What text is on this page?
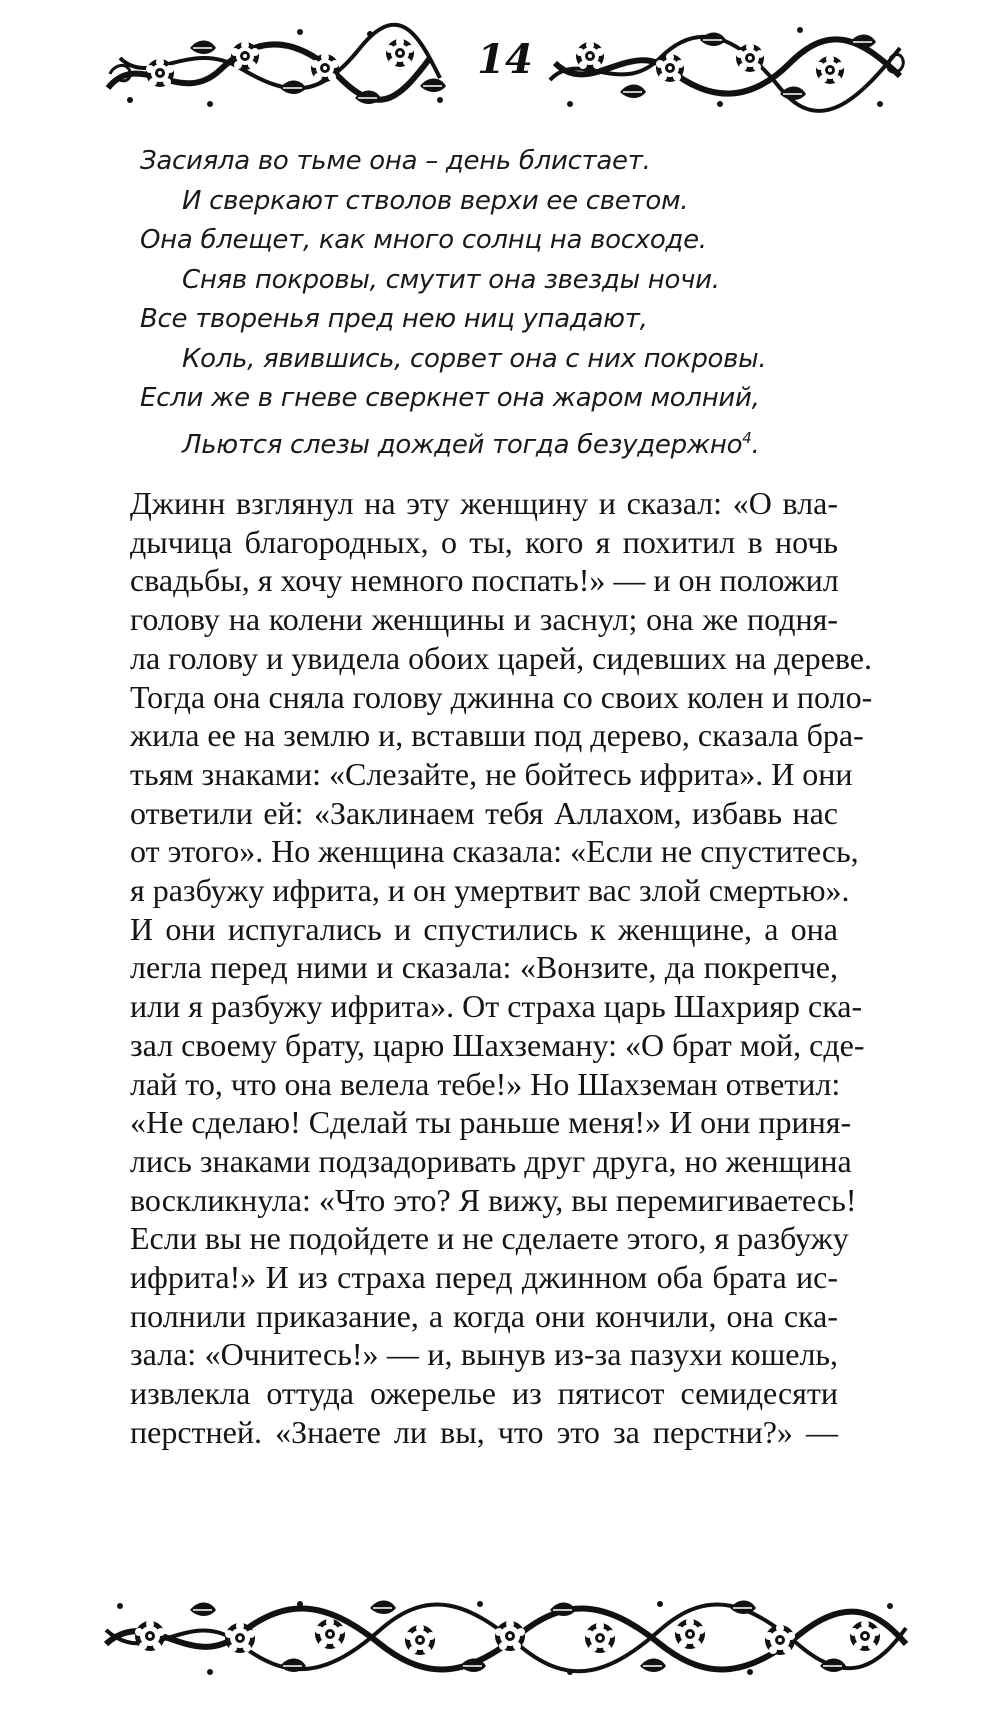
14
Засияла во тьме она – день блистает.
И сверкают стволов верхи ее светом.
Она блещет, как много солнц на восходе.
Сняв покровы, смутит она звезды ночи.
Все творенья пред нею ниц упадают,
Коль, явившись, сорвет она с них покровы.
Если же в гневе сверкнет она жаром молний,
Льются слезы дождей тогда безудержно$^4$.
Джинн взглянул на эту женщину и сказал: «О вла-
дычица благородных, о ты, кого я похитил в ночь
свадьбы, я хочу немного поспать!» — и он положил
голову на колени женщины и заснул; она же подня-
ла голову и увидела обоих царей, сидевших на дереве.
Тогда она сняла голову джинна со своих колен и поло-
жила ее на землю и, вставши под дерево, сказала бра-
тьям знаками: «Слезайте, не бойтесь ифрита». И они
ответили ей: «Заклинаем тебя Аллахом, избавь нас
от этого». Но женщина сказала: «Если не спуститесь,
я разбужу ифрита, и он умертвит вас злой смертью».
И они испугались и спустились к женщине, а она
легла перед ними и сказала: «Вонзите, да покрепче,
или я разбужу ифрита». От страха царь Шахрияр ска-
зал своему брату, царю Шахземану: «О брат мой, сде-
лай то, что она велела тебе!» Но Шахземан ответил:
«Не сделаю! Сделай ты раньше меня!» И они приня-
лись знаками подзадоривать друг друга, но женщина
воскликнула: «Что это? Я вижу, вы перемигиваетесь!
Если вы не подойдете и не сделаете этого, я разбужу
ифрита!» И из страха перед джинном оба брата ис-
полнили приказание, а когда они кончили, она ска-
зала: «Очнитесь!» — и, вынув из-за пазухи кошель,
извлекла оттуда ожерелье из пятисот семидесяти
перстней. «Знаете ли вы, что это за перстни?» —
